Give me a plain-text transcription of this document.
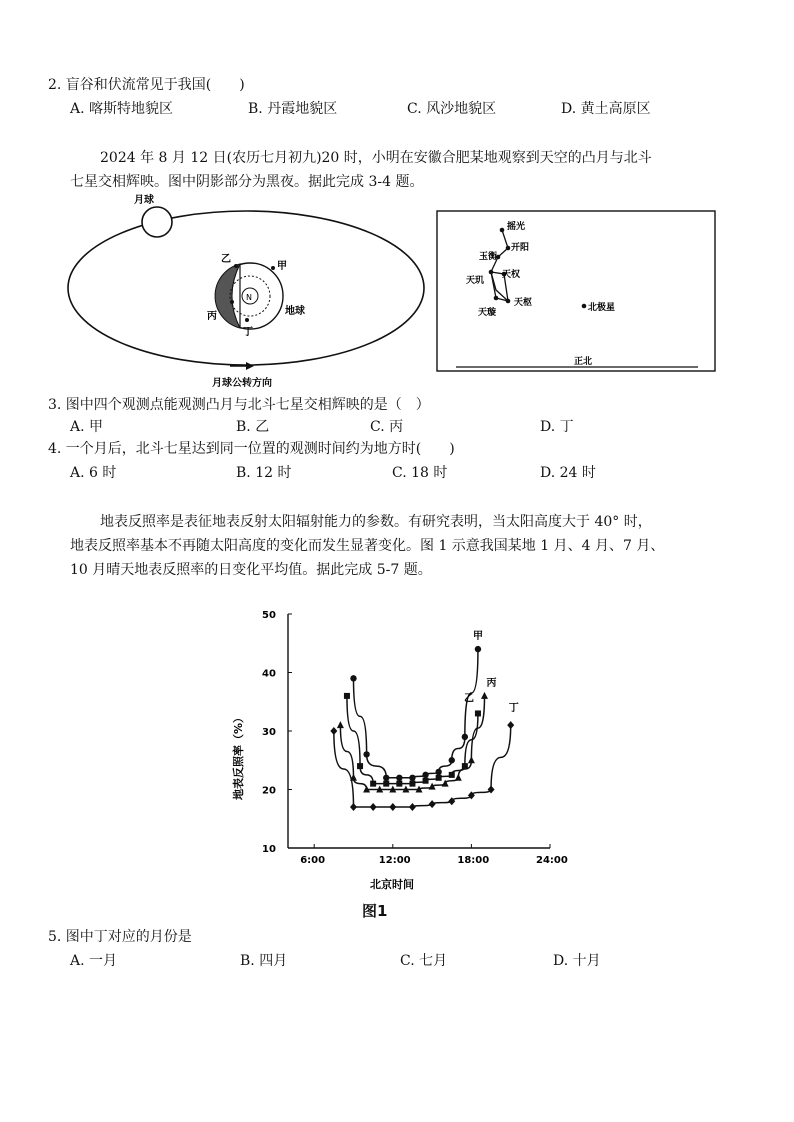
2. 盲谷和伏流常见于我国(　　)
A. 喀斯特地貌区	B. 丹霞地貌区	C. 风沙地貌区	D. 黄土高原区
2024 年 8 月 12 日(农历七月初九)20 时，小明在安徽合肥某地观察到天空的凸月与北斗
七星交相辉映。图中阴影部分为黑夜。据此完成 3-4 题。
月球
N
甲
乙
丙
丁
地球
月球公转方向
摇光
开阳
玉衡
天权
天玑
天枢
天璇	北极星
正北
3. 图中四个观测点能观测凸月与北斗七星交相辉映的是（　）
A. 甲	B. 乙	C. 丙	D. 丁
4. 一个月后，北斗七星达到同一位置的观测时间约为地方时(　　)
A. 6 时	B. 12 时	C. 18 时	D. 24 时
地表反照率是表征地表反射太阳辐射能力的参数。有研究表明，当太阳高度大于 40° 时，
地表反照率基本不再随太阳高度的变化而发生显著变化。图 1 示意我国某地 1 月、4 月、7 月、
10 月晴天地表反照率的日变化平均值。据此完成 5-7 题。
10
20
30
40
50
6:00	12:00	18:00	24:00
甲
乙
丙
丁
北京时间
地表反照率（%）
图1
5. 图中丁对应的月份是
A. 一月	B. 四月	C. 七月	D. 十月
